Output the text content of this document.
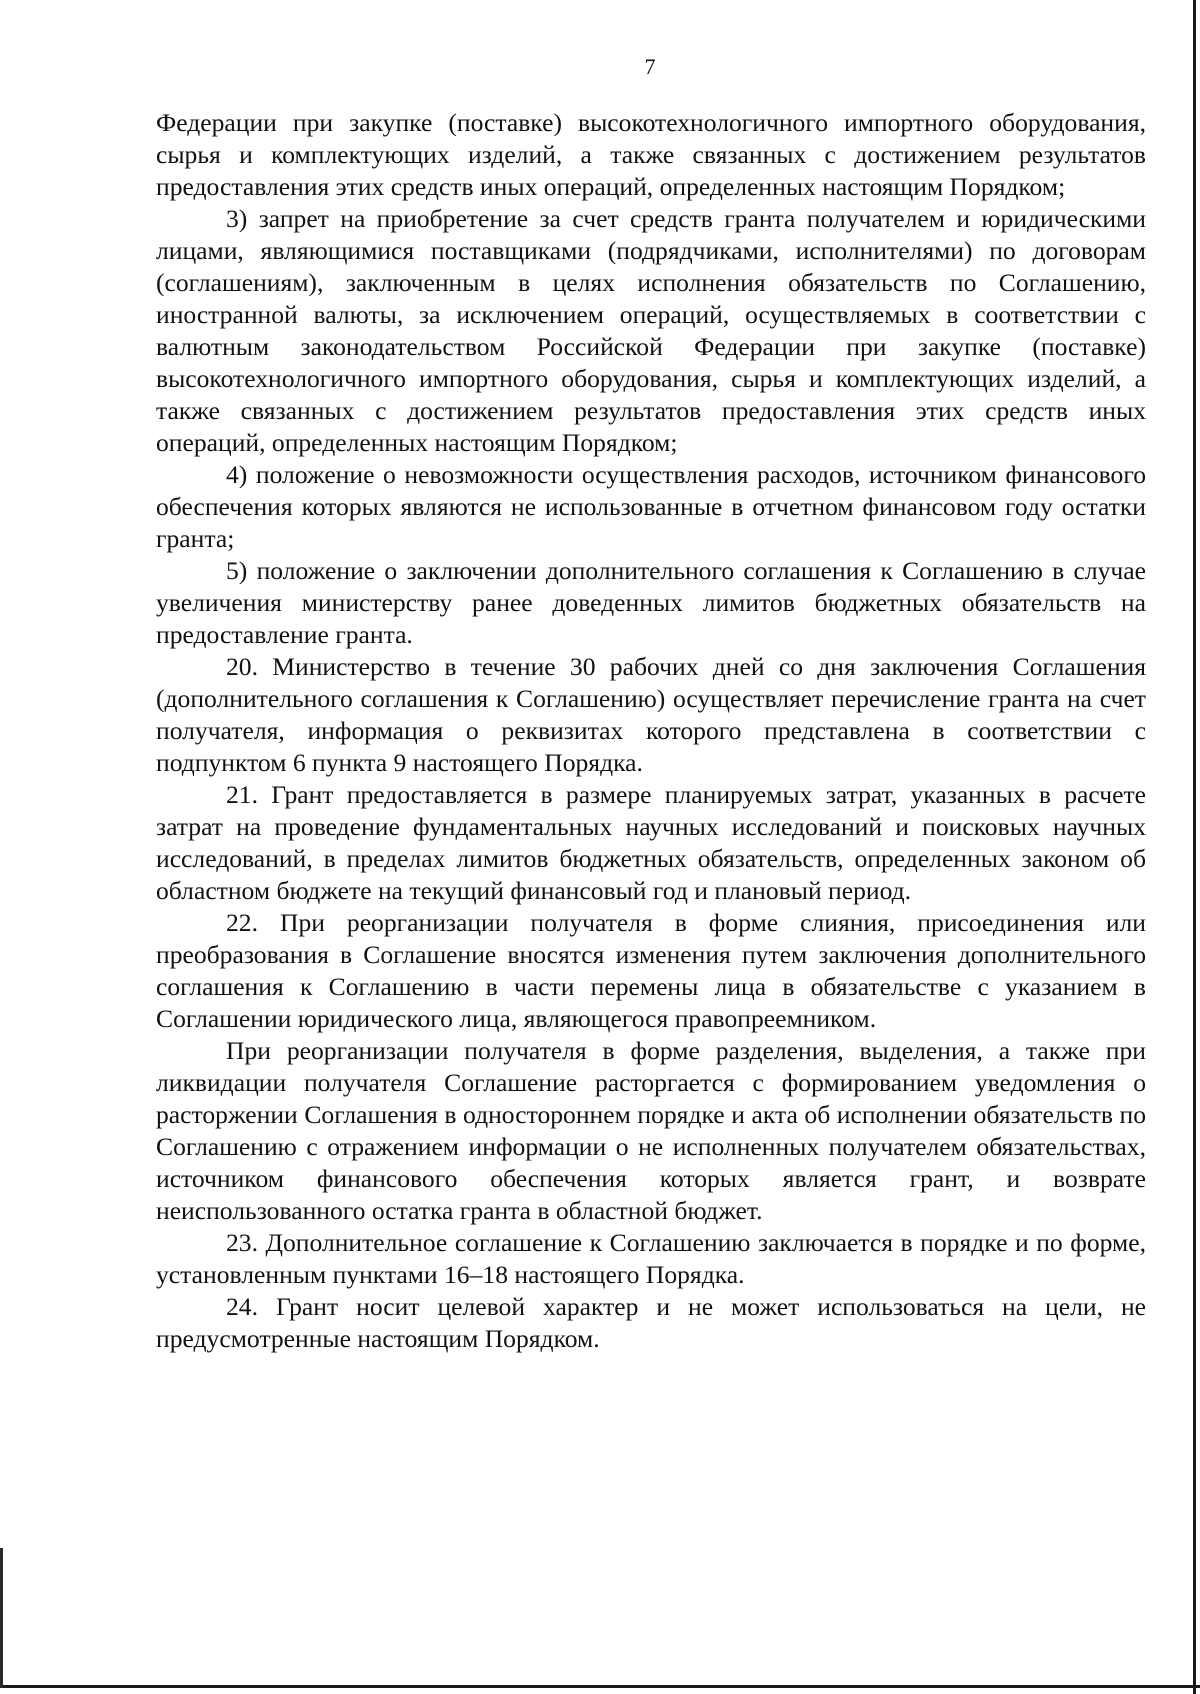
7

Федерации при закупке (поставке) высокотехнологичного импортного оборудования, сырья и комплектующих изделий, а также связанных с достижением результатов предоставления этих средств иных операций, определенных настоящим Порядком;

3) запрет на приобретение за счет средств гранта получателем и юридическими лицами, являющимися поставщиками (подрядчиками, исполнителями) по договорам (соглашениям), заключенным в целях исполнения обязательств по Соглашению, иностранной валюты, за исключением операций, осуществляемых в соответствии с валютным законодательством Российской Федерации при закупке (поставке) высокотехнологичного импортного оборудования, сырья и комплектующих изделий, а также связанных с достижением результатов предоставления этих средств иных операций, определенных настоящим Порядком;

4) положение о невозможности осуществления расходов, источником финансового обеспечения которых являются не использованные в отчетном финансовом году остатки гранта;

5) положение о заключении дополнительного соглашения к Соглашению в случае увеличения министерству ранее доведенных лимитов бюджетных обязательств на предоставление гранта.

20. Министерство в течение 30 рабочих дней со дня заключения Соглашения (дополнительного соглашения к Соглашению) осуществляет перечисление гранта на счет получателя, информация о реквизитах которого представлена в соответствии с подпунктом 6 пункта 9 настоящего Порядка.

21. Грант предоставляется в размере планируемых затрат, указанных в расчете затрат на проведение фундаментальных научных исследований и поисковых научных исследований, в пределах лимитов бюджетных обязательств, определенных законом об областном бюджете на текущий финансовый год и плановый период.

22. При реорганизации получателя в форме слияния, присоединения или преобразования в Соглашение вносятся изменения путем заключения дополнительного соглашения к Соглашению в части перемены лица в обязательстве с указанием в Соглашении юридического лица, являющегося правопреемником.

При реорганизации получателя в форме разделения, выделения, а также при ликвидации получателя Соглашение расторгается с формированием уведомления о расторжении Соглашения в одностороннем порядке и акта об исполнении обязательств по Соглашению с отражением информации о не исполненных получателем обязательствах, источником финансового обеспечения которых является грант, и возврате неиспользованного остатка гранта в областной бюджет.

23. Дополнительное соглашение к Соглашению заключается в порядке и по форме, установленным пунктами 16–18 настоящего Порядка.

24. Грант носит целевой характер и не может использоваться на цели, не предусмотренные настоящим Порядком.
